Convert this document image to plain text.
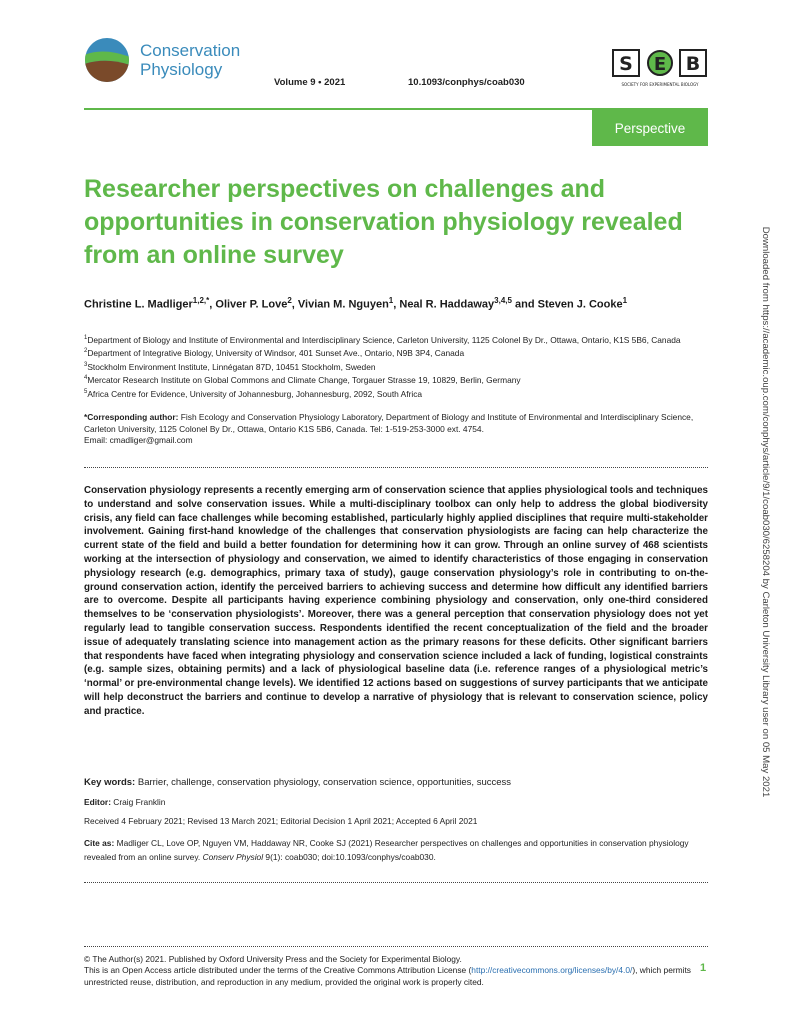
Conservation
Physiology
Volume 9 • 2021	10.1093/conphys/coab030
S E B
SOCIETY FOR EXPERIMENTAL BIOLOGY
Perspective
Researcher perspectives on challenges and opportunities in conservation physiology revealed from an online survey
Christine L. Madliger$^{1,2,*}$, Oliver P. Love$^2$, Vivian M. Nguyen$^1$, Neal R. Haddaway$^{3,4,5}$ and Steven J. Cooke$^1$
$^1$Department of Biology and Institute of Environmental and Interdisciplinary Science, Carleton University, 1125 Colonel By Dr., Ottawa, Ontario, K1S 5B6, Canada
$^2$Department of Integrative Biology, University of Windsor, 401 Sunset Ave., Ontario, N9B 3P4, Canada
$^3$Stockholm Environment Institute, Linnégatan 87D, 10451 Stockholm, Sweden
$^4$Mercator Research Institute on Global Commons and Climate Change, Torgauer Strasse 19, 10829, Berlin, Germany
$^5$Africa Centre for Evidence, University of Johannesburg, Johannesburg, 2092, South Africa
*Corresponding author: Fish Ecology and Conservation Physiology Laboratory, Department of Biology and Institute of Environmental and Interdisciplinary Science, Carleton University, 1125 Colonel By Dr., Ottawa, Ontario K1S 5B6, Canada. Tel: 1-519-253-3000 ext. 4754.
Email: cmadliger@gmail.com

Conservation physiology represents a recently emerging arm of conservation science that applies physiological tools and techniques to understand and solve conservation issues. While a multi-disciplinary toolbox can only help to address the global biodiversity crisis, any field can face challenges while becoming established, particularly highly applied disciplines that require multi-stakeholder involvement. Gaining first-hand knowledge of the challenges that conservation physiologists are facing can help characterize the current state of the field and build a better foundation for determining how it can grow. Through an online survey of 468 scientists working at the intersection of physiology and conservation, we aimed to identify characteristics of those engaging in conservation physiology research (e.g. demographics, primary taxa of study), gauge conservation physiology’s role in contributing to on-the-ground conservation action, identify the perceived barriers to achieving success and determine how difficult any identified barriers are to overcome. Despite all participants having experience combining physiology and conservation, only one-third considered themselves to be ‘conservation physiologists’. Moreover, there was a general perception that conservation physiology does not yet regularly lead to tangible conservation success. Respondents identified the recent conceptualization of the field and the broader issue of adequately translating science into management action as the primary reasons for these deficits. Other significant barriers that respondents have faced when integrating physiology and conservation science included a lack of funding, logistical constraints (e.g. sample sizes, obtaining permits) and a lack of physiological baseline data (i.e. reference ranges of a physiological metric’s ‘normal’ or pre-environmental change levels). We identified 12 actions based on suggestions of survey participants that we anticipate will help deconstruct the barriers and continue to develop a narrative of physiology that is relevant to conservation science, policy and practice.

Key words: Barrier, challenge, conservation physiology, conservation science, opportunities, success
Editor: Craig Franklin
Received 4 February 2021; Revised 13 March 2021; Editorial Decision 1 April 2021; Accepted 6 April 2021
Cite as: Madliger CL, Love OP, Nguyen VM, Haddaway NR, Cooke SJ (2021) Researcher perspectives on challenges and opportunities in conservation physiology revealed from an online survey. Conserv Physiol 9(1): coab030; doi:10.1093/conphys/coab030.
© The Author(s) 2021. Published by Oxford University Press and the Society for Experimental Biology.
This is an Open Access article distributed under the terms of the Creative Commons Attribution License (http://creativecommons.org/licenses/by/4.0/), which permits unrestricted reuse, distribution, and reproduction in any medium, provided the original work is properly cited.
1
Downloaded from https://academic.oup.com/conphys/article/9/1/coab030/6258204 by Carleton University Library user on 05 May 2021
